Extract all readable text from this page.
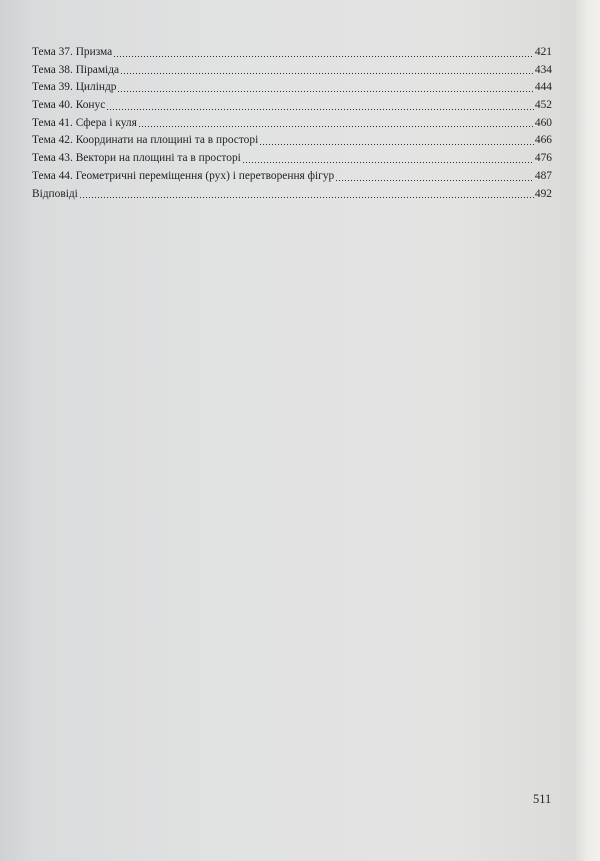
Тема 37. Призма	421
Тема 38. Піраміда	434
Тема 39. Циліндр	444
Тема 40. Конус	452
Тема 41. Сфера і куля	460
Тема 42. Координати на площині та в просторі	466
Тема 43. Вектори на площині та в просторі	476
Тема 44. Геометричні переміщення (рух) і перетворення фігур	487
Відповіді	492
511
